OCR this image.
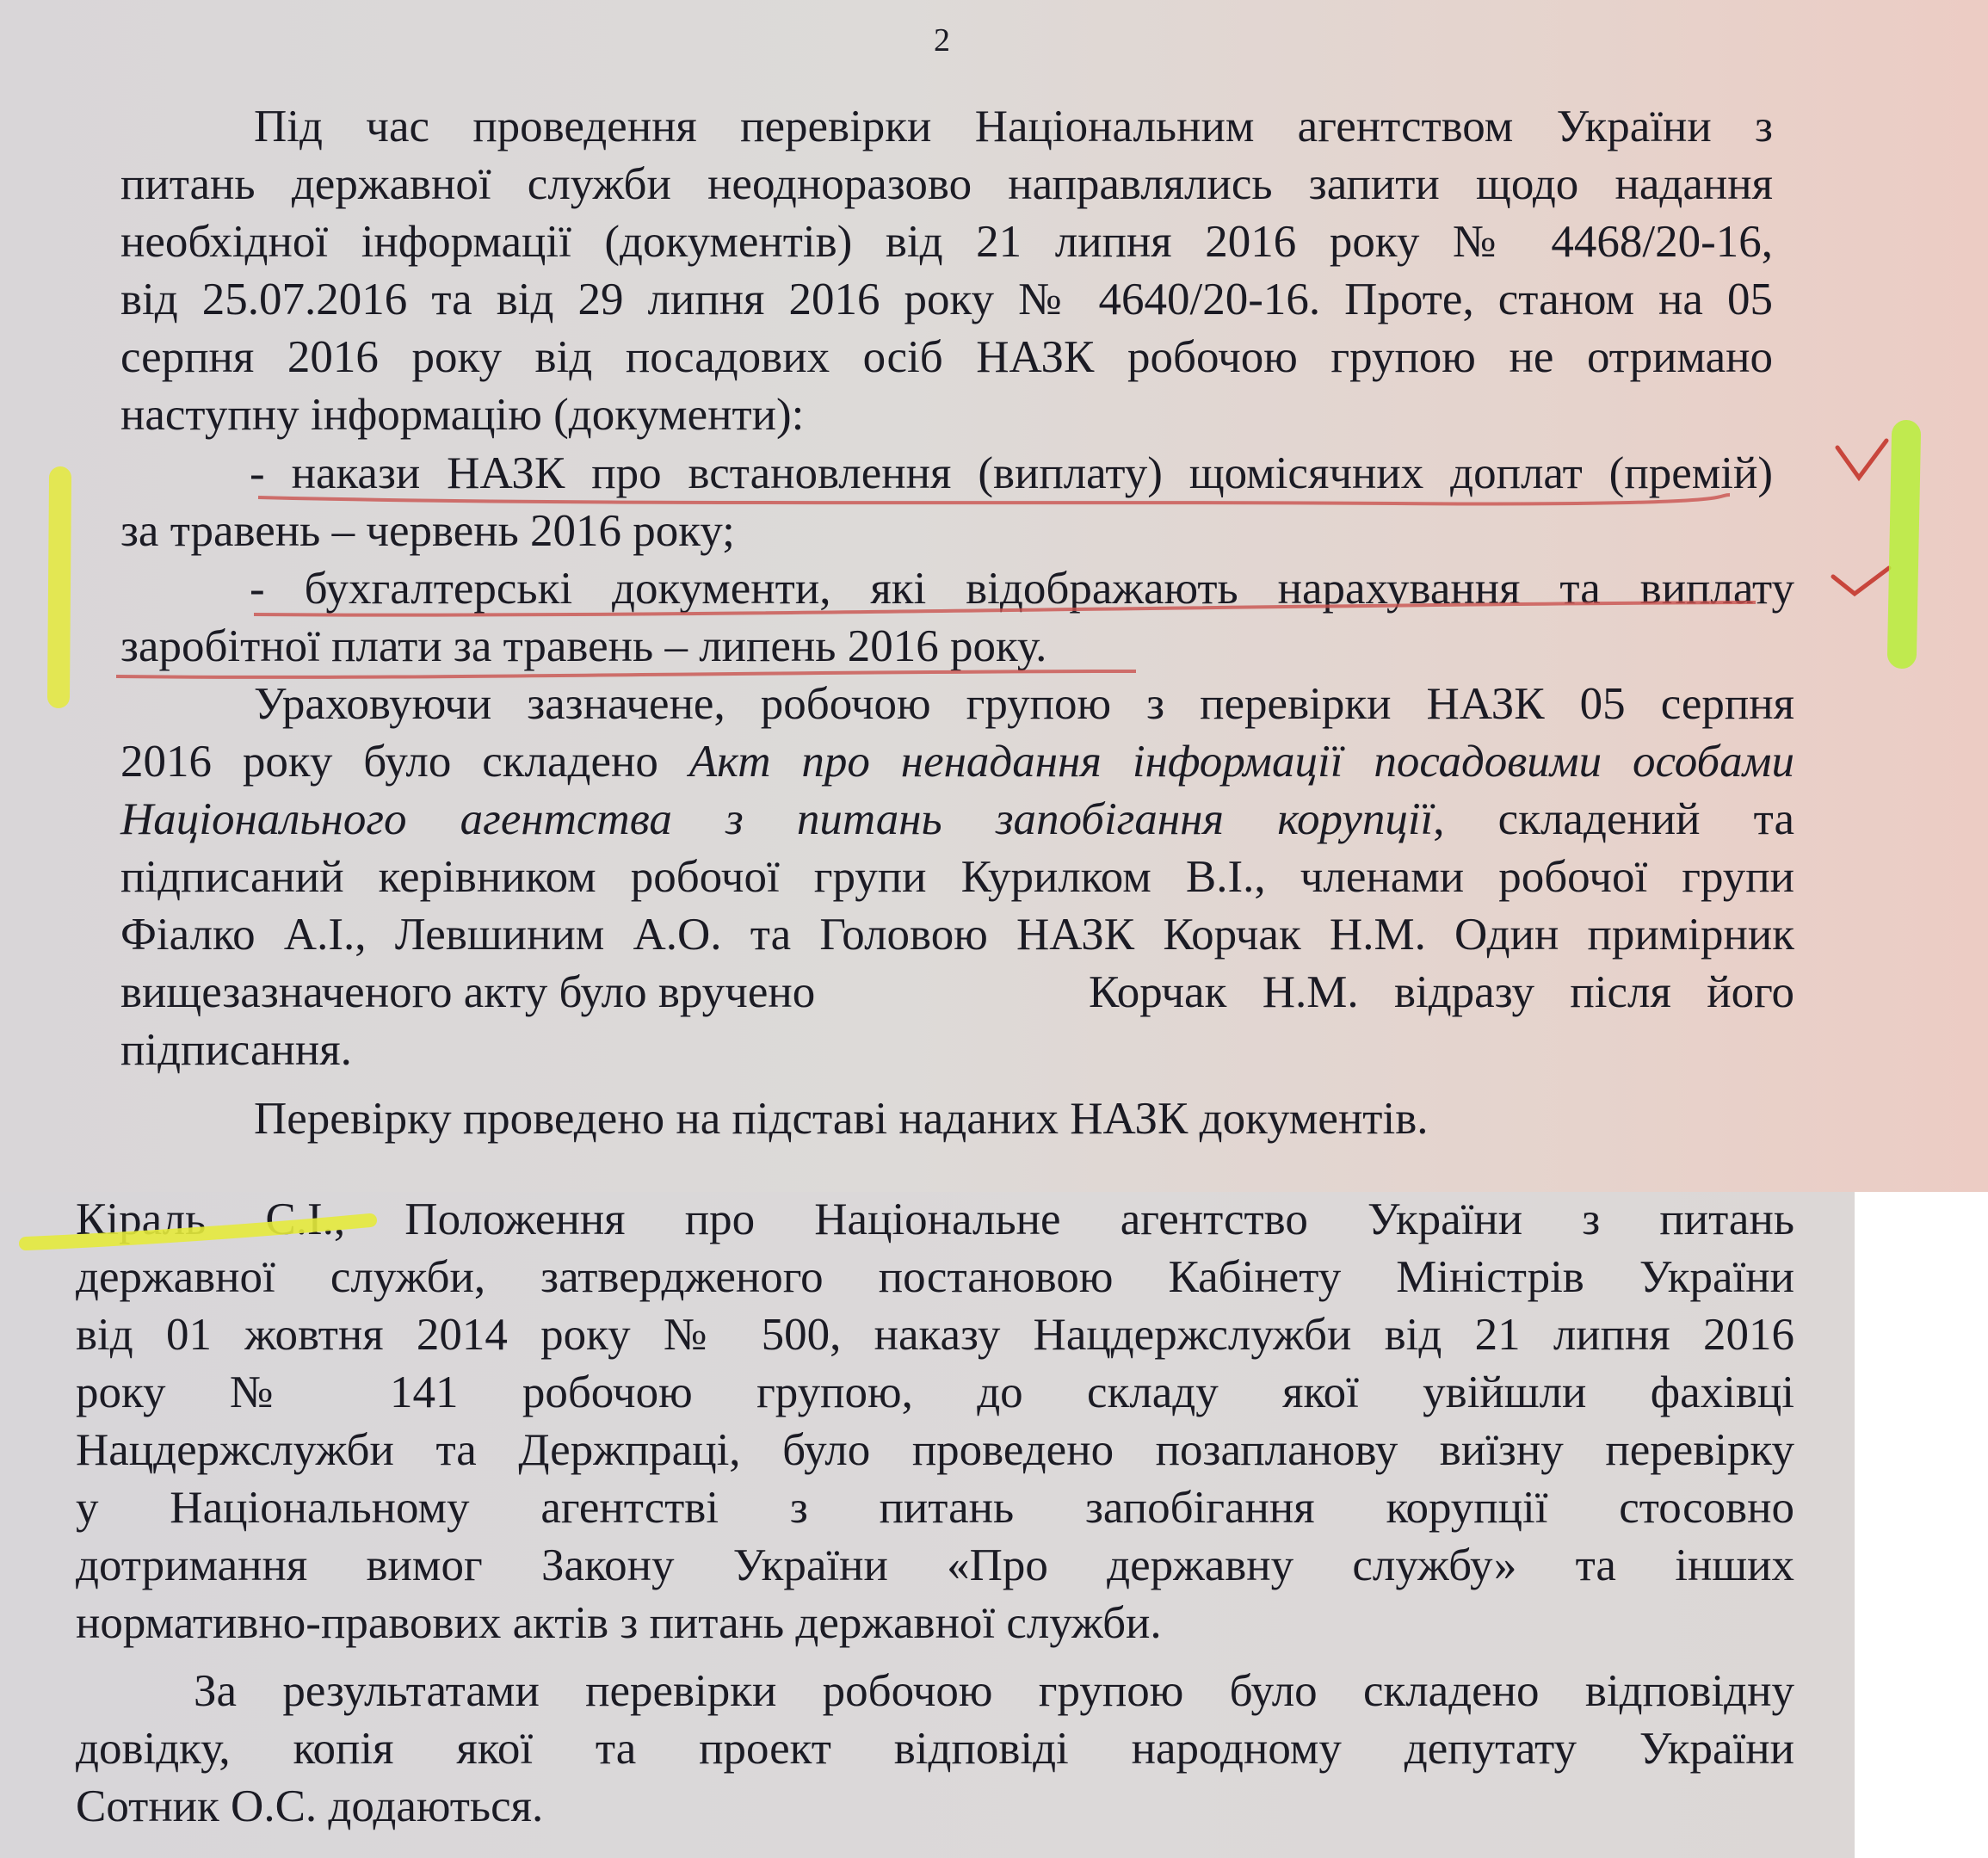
2
Під час проведення перевірки Національним агентством України з
питань державної служби неодноразово направлялись запити щодо надання
необхідної інформації (документів) від 21 липня 2016 року № 4468/20-16,
від 25.07.2016 та від 29 липня 2016 року № 4640/20-16. Проте, станом на 05
серпня 2016 року від посадових осіб НАЗК робочою групою не отримано
наступну інформацію (документи):
- накази НАЗК про встановлення (виплату) щомісячних доплат (премій)
за травень – червень 2016 року;
- бухгалтерські документи, які відображають нарахування та виплату
заробітної плати за травень – липень 2016 року.
Ураховуючи зазначене, робочою групою з перевірки НАЗК 05 серпня
2016 року було складено Акт про ненадання інформації посадовими особами
Національного агентства з питань запобігання корупції, складений та
підписаний керівником робочої групи Курилком В.І., членами робочої групи
Фіалко А.І., Левшиним А.О. та Головою НАЗК Корчак Н.М. Один примірник
вищезазначеного акту було вручено	Корчак Н.М. відразу після його
підписання.
Перевірку проведено на підставі наданих НАЗК документів.
Кіраль С.І., Положення про Національне агентство України з питань
державної служби, затвердженого постановою Кабінету Міністрів України
від 01 жовтня 2014 року № 500, наказу Нацдержслужби від 21 липня 2016
року № 141 робочою групою, до складу якої увійшли фахівці
Нацдержслужби та Держпраці, було проведено позапланову виїзну перевірку
у Національному агентстві з питань запобігання корупції стосовно
дотримання вимог Закону України «Про державну службу» та інших
нормативно-правових актів з питань державної служби.
За результатами перевірки робочою групою було складено відповідну
довідку, копія якої та проект відповіді народному депутату України
Сотник О.С. додаються.
